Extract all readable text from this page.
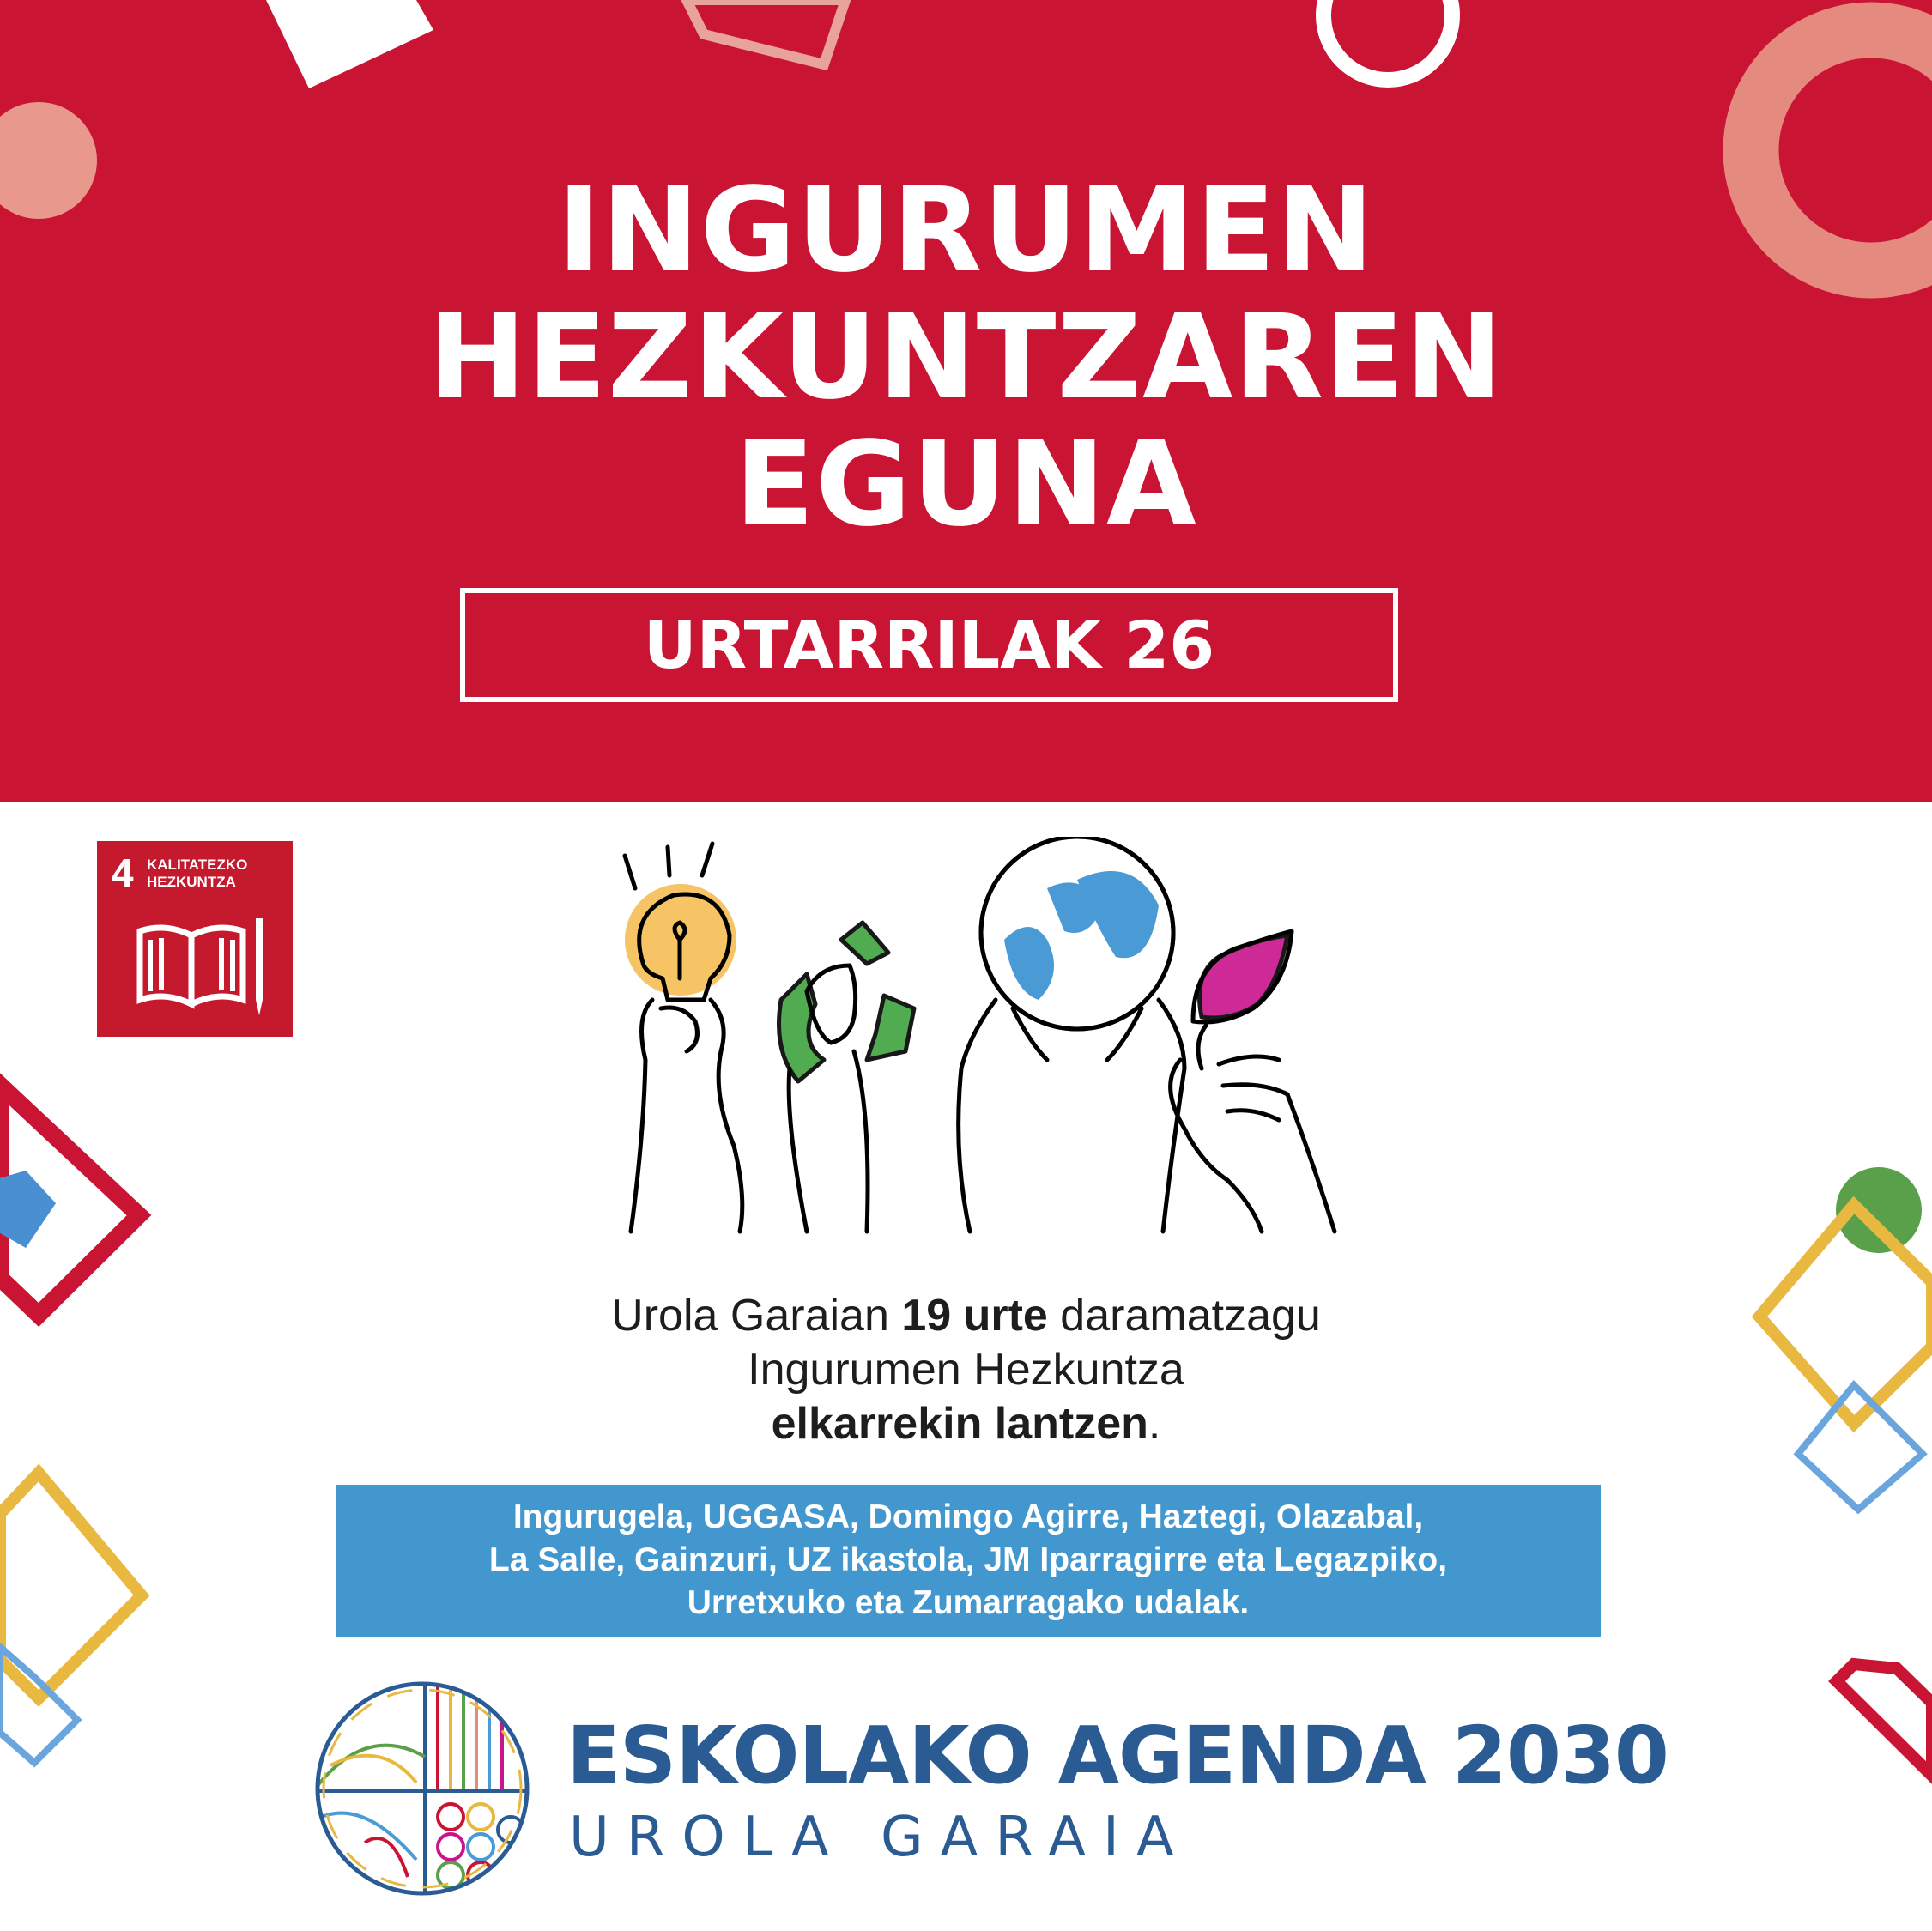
INGURUMEN
HEZKUNTZAREN
EGUNA
URTARRILAK 26
4 KALITATEZKO
HEZKUNTZA
Urola Garaian 19 urte daramatzagu
Ingurumen Hezkuntza
elkarrekin lantzen.
Ingurugela, UGGASA, Domingo Agirre, Haztegi, Olazabal,
La Salle, Gainzuri, UZ ikastola, JM Iparragirre eta Legazpiko,
Urretxuko eta Zumarragako udalak.
ESKOLAKO AGENDA 2030
UROLA GARAIA
